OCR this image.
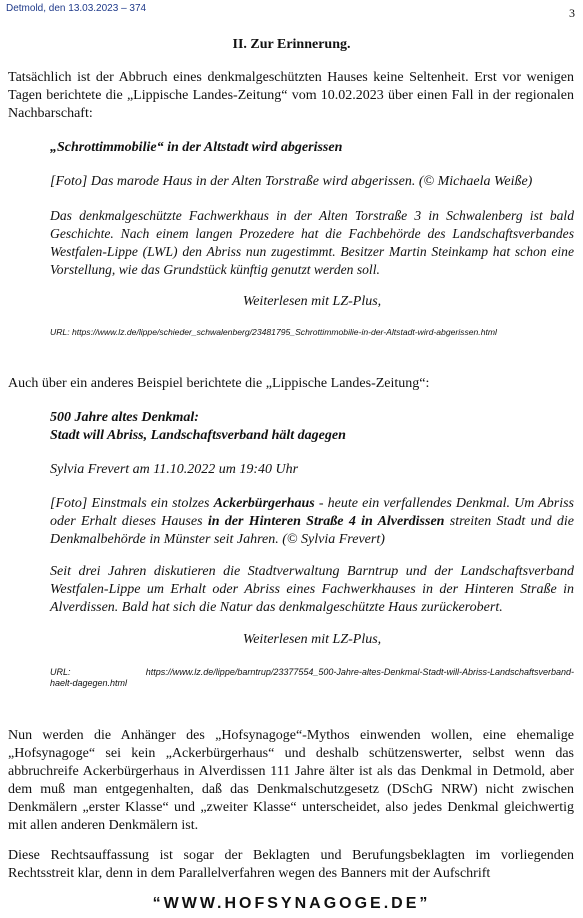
Detmold, den 13.03.2023 – 374	3
II. Zur Erinnerung.
Tatsächlich ist der Abbruch eines denkmalgeschützten Hauses keine Seltenheit. Erst vor wenigen Tagen berichtete die „Lippische Landes-Zeitung“ vom 10.02.2023 über einen Fall in der regionalen Nachbarschaft:
„Schrottimmobilie“ in der Altstadt wird abgerissen
[Foto] Das marode Haus in der Alten Torstraße wird abgerissen. (© Michaela Weiße)
Das denkmalgeschützte Fachwerkhaus in der Alten Torstraße 3 in Schwalenberg ist bald Geschichte. Nach einem langen Prozedere hat die Fachbehörde des Landschaftsverbandes Westfalen-Lippe (LWL) den Abriss nun zugestimmt. Besitzer Martin Steinkamp hat schon eine Vorstellung, wie das Grundstück künftig genutzt werden soll.
Weiterlesen mit LZ-Plus,
URL: https://www.lz.de/lippe/schieder_schwalenberg/23481795_Schrottimmobilie-in-der-Altstadt-wird-abgerissen.html
Auch über ein anderes Beispiel berichtete die „Lippische Landes-Zeitung“:
500 Jahre altes Denkmal:
Stadt will Abriss, Landschaftsverband hält dagegen
Sylvia Frevert am 11.10.2022 um 19:40 Uhr
[Foto] Einstmals ein stolzes Ackerbürgerhaus - heute ein verfallendes Denkmal. Um Abriss oder Erhalt dieses Hauses in der Hinteren Straße 4 in Alverdissen streiten Stadt und die Denkmalbehörde in Münster seit Jahren. (© Sylvia Frevert)
Seit drei Jahren diskutieren die Stadtverwaltung Barntrup und der Landschaftsverband Westfalen-Lippe um Erhalt oder Abriss eines Fachwerkhauses in der Hinteren Straße in Alverdissen. Bald hat sich die Natur das denkmalgeschützte Haus zurückerobert.
Weiterlesen mit LZ-Plus,
URL:	https://www.lz.de/lippe/barntrup/23377554_500-Jahre-altes-Denkmal-Stadt-will-Abriss-Landschaftsverband-
haelt-dagegen.html
Nun werden die Anhänger des „Hofsynagoge“-Mythos einwenden wollen, eine ehemalige „Hofsynagoge“ sei kein „Ackerbürgerhaus“ und deshalb schützenswerter, selbst wenn das abbruchreife Ackerbürgerhaus in Alverdissen 111 Jahre älter ist als das Denkmal in Detmold, aber dem muß man entgegenhalten, daß das Denkmalschutzgesetz (DSchG NRW) nicht zwischen Denkmälern „erster Klasse“ und „zweiter Klasse“ unterscheidet, also jedes Denkmal gleichwertig mit allen anderen Denkmälern ist.
Diese Rechtsauffassung ist sogar der Beklagten und Berufungsbeklagten im vorliegenden Rechtsstreit klar, denn in dem Parallelverfahren wegen des Banners mit der Aufschrift
“WWW.HOFSYNAGOGE.DE”
